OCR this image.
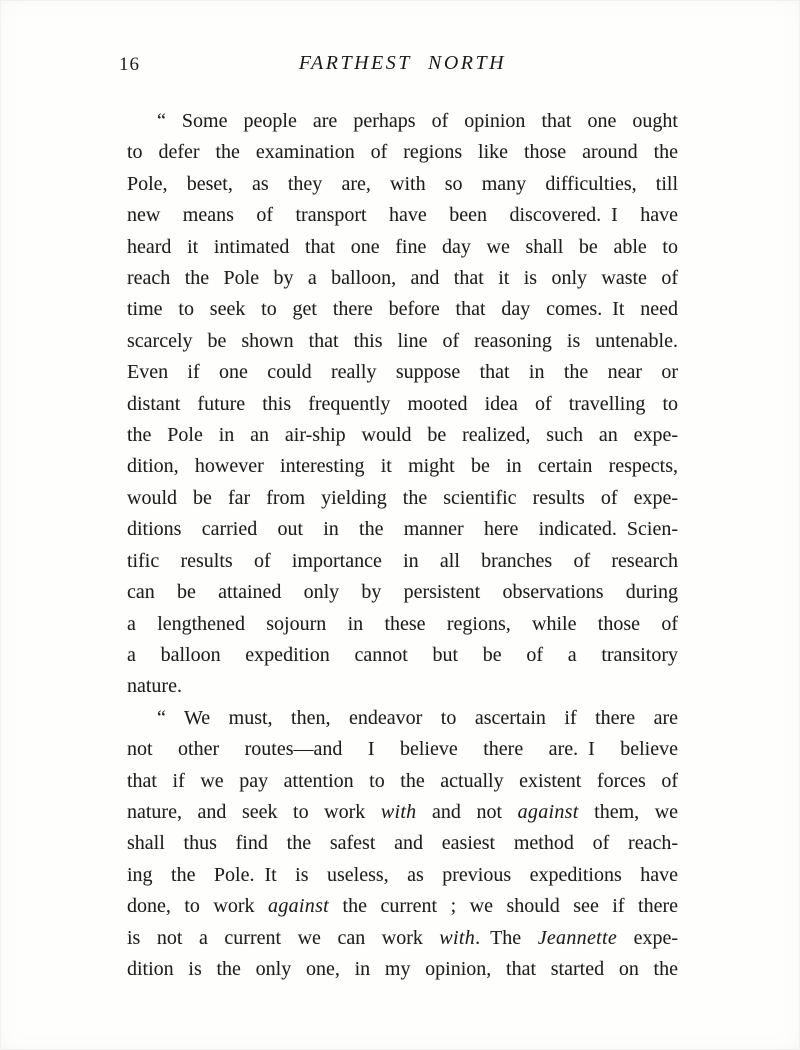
16	FARTHEST NORTH
“ Some people are perhaps of opinion that one ought
to defer the examination of regions like those around the
Pole, beset, as they are, with so many difficulties, till
new means of transport have been discovered. I have
heard it intimated that one fine day we shall be able to
reach the Pole by a balloon, and that it is only waste of
time to seek to get there before that day comes. It need
scarcely be shown that this line of reasoning is untenable.
Even if one could really suppose that in the near or
distant future this frequently mooted idea of travelling to
the Pole in an air-ship would be realized, such an expe-
dition, however interesting it might be in certain respects,
would be far from yielding the scientific results of expe-
ditions carried out in the manner here indicated. Scien-
tific results of importance in all branches of research
can be attained only by persistent observations during
a lengthened sojourn in these regions, while those of
a balloon expedition cannot but be of a transitory
nature.
“ We must, then, endeavor to ascertain if there are
not other routes—and I believe there are. I believe
that if we pay attention to the actually existent forces of
nature, and seek to work with and not against them, we
shall thus find the safest and easiest method of reach-
ing the Pole. It is useless, as previous expeditions have
done, to work against the current ; we should see if there
is not a current we can work with. The Jeannette expe-
dition is the only one, in my opinion, that started on the
